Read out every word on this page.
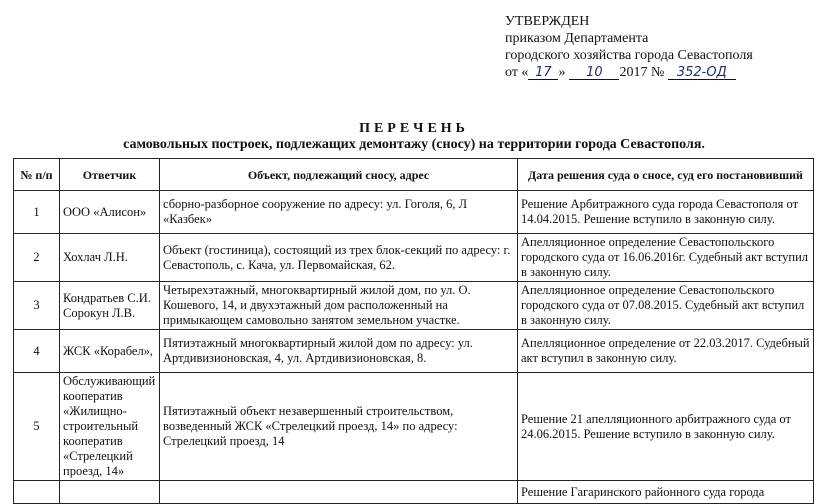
УТВЕРЖДЕН
приказом Департамента
городского хозяйства города Севастополя
от « 17 » 10 2017 № 352-ОД
ПЕРЕЧЕНЬ
самовольных построек, подлежащих демонтажу (сносу) на территории города Севастополя.
№ п/п	Ответчик	Объект, подлежащий сносу, адрес	Дата решения суда о сносе, суд его постановивший
1	ООО «Алисон»	сборно-разборное сооружение по адресу: ул. Гоголя, 6, Л «Казбек»	Решение Арбитражного суда города Севастополя от 14.04.2015. Решение вступило в законную силу.
2	Хохлач Л.Н.	Объект (гостиница), состоящий из трех блок-секций по адресу: г. Севастополь, с. Кача, ул. Первомайская, 62.	Апелляционное определение Севастопольского городского суда от 16.06.2016г. Судебный акт вступил в законную силу.
3	Кондратьев С.И. Сорокун Л.В.	Четырехэтажный, многоквартирный жилой дом, по ул. О. Кошевого, 14, и двухэтажный дом расположенный на примыкающем самовольно занятом земельном участке.	Апелляционное определение Севастопольского городского суда от 07.08.2015. Судебный акт вступил в законную силу.
4	ЖСК «Корабел»,	Пятиэтажный многоквартирный жилой дом по адресу: ул. Артдивизионовская, 4, ул. Артдивизионовская, 8.	Апелляционное определение от 22.03.2017. Судебный акт вступил в законную силу.
5	Обслуживающий кооператив «Жилищно-строительный кооператив «Стрелецкий проезд, 14»	Пятиэтажный объект незавершенный строительством, возведенный ЖСК «Стрелецкий проезд, 14» по адресу: Стрелецкий проезд, 14	Решение 21 апелляционного арбитражного суда от 24.06.2015. Решение вступило в законную силу.
			Решение Гагаринского районного суда города
